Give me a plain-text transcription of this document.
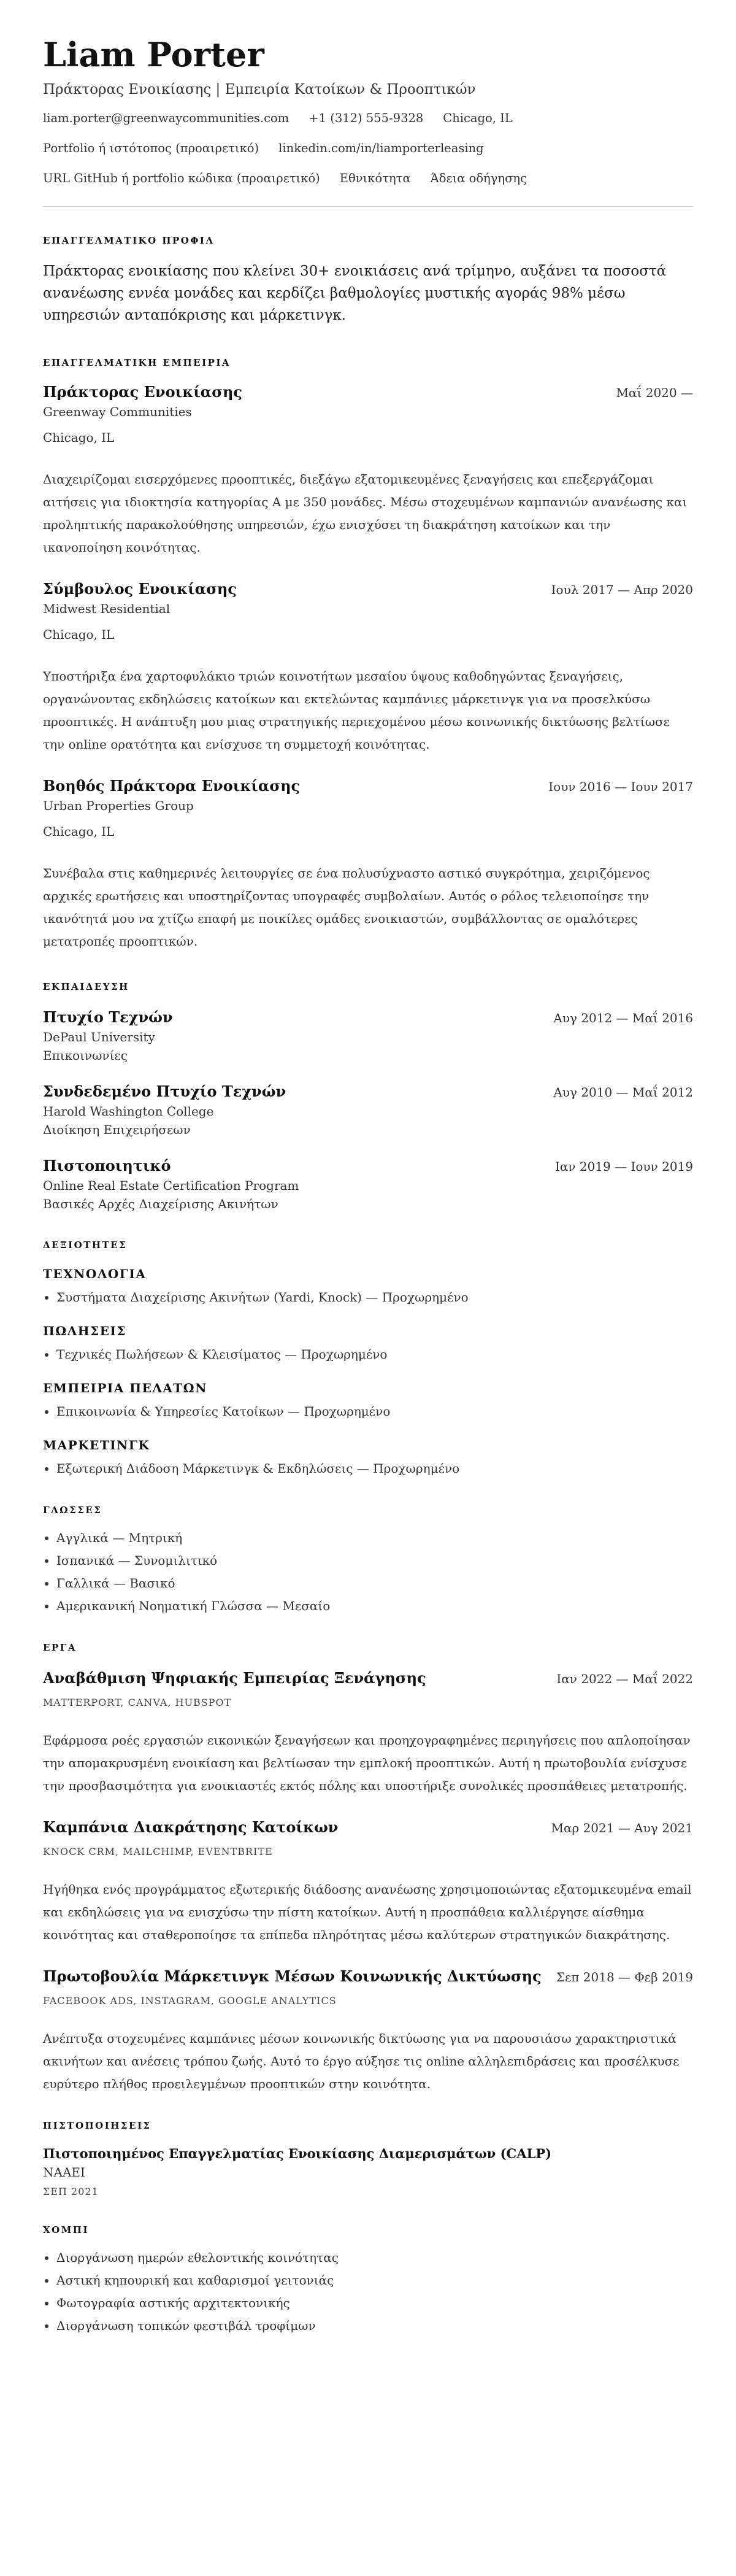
Liam Porter
Πράκτορας Ενοικίασης | Εμπειρία Κατοίκων & Προοπτικών
liam.porter@greenwaycommunities.com +1 (312) 555-9328 Chicago, IL
Portfolio ή ιστότοπος (προαιρετικό) linkedin.com/in/liamporterleasing
URL GitHub ή portfolio κώδικα (προαιρετικό) Εθνικότητα Άδεια οδήγησης
ΕΠΑΓΓΕΛΜΑΤΙΚΟ ΠΡΟΦΙΛ
Πράκτορας ενοικίασης που κλείνει 30+ ενοικιάσεις ανά τρίμηνο, αυξάνει τα ποσοστά ανανέωσης εννέα μονάδες και κερδίζει βαθμολογίες μυστικής αγοράς 98% μέσω υπηρεσιών ανταπόκρισης και μάρκετινγκ.
ΕΠΑΓΓΕΛΜΑΤΙΚΗ ΕΜΠΕΙΡΙΑ
Πράκτορας Ενοικίασης	Μαΐ 2020 —
Greenway Communities
Chicago, IL
Διαχειρίζομαι εισερχόμενες προοπτικές, διεξάγω εξατομικευμένες ξεναγήσεις και επεξεργάζομαι αιτήσεις για ιδιοκτησία κατηγορίας Α με 350 μονάδες. Μέσω στοχευμένων καμπανιών ανανέωσης και προληπτικής παρακολούθησης υπηρεσιών, έχω ενισχύσει τη διακράτηση κατοίκων και την ικανοποίηση κοινότητας.
Σύμβουλος Ενοικίασης	Ιουλ 2017 — Απρ 2020
Midwest Residential
Chicago, IL
Υποστήριξα ένα χαρτοφυλάκιο τριών κοινοτήτων μεσαίου ύψους καθοδηγώντας ξεναγήσεις, οργανώνοντας εκδηλώσεις κατοίκων και εκτελώντας καμπάνιες μάρκετινγκ για να προσελκύσω προοπτικές. Η ανάπτυξη μου μιας στρατηγικής περιεχομένου μέσω κοινωνικής δικτύωσης βελτίωσε την online ορατότητα και ενίσχυσε τη συμμετοχή κοινότητας.
Βοηθός Πράκτορα Ενοικίασης	Ιουν 2016 — Ιουν 2017
Urban Properties Group
Chicago, IL
Συνέβαλα στις καθημερινές λειτουργίες σε ένα πολυσύχναστο αστικό συγκρότημα, χειριζόμενος αρχικές ερωτήσεις και υποστηρίζοντας υπογραφές συμβολαίων. Αυτός ο ρόλος τελειοποίησε την ικανότητά μου να χτίζω επαφή με ποικίλες ομάδες ενοικιαστών, συμβάλλοντας σε ομαλότερες μετατροπές προοπτικών.
ΕΚΠΑΙΔΕΥΣΗ
Πτυχίο Τεχνών	Αυγ 2012 — Μαΐ 2016
DePaul University
Επικοινωνίες
Συνδεδεμένο Πτυχίο Τεχνών	Αυγ 2010 — Μαΐ 2012
Harold Washington College
Διοίκηση Επιχειρήσεων
Πιστοποιητικό	Ιαν 2019 — Ιουν 2019
Online Real Estate Certification Program
Βασικές Αρχές Διαχείρισης Ακινήτων
ΔΕΞΙΟΤΗΤΕΣ
ΤΕΧΝΟΛΟΓΙΑ
• Συστήματα Διαχείρισης Ακινήτων (Yardi, Knock) — Προχωρημένο
ΠΩΛΗΣΕΙΣ
• Τεχνικές Πωλήσεων & Κλεισίματος — Προχωρημένο
ΕΜΠΕΙΡΙΑ ΠΕΛΑΤΩΝ
• Επικοινωνία & Υπηρεσίες Κατοίκων — Προχωρημένο
ΜΑΡΚΕΤΙΝΓΚ
• Εξωτερική Διάδοση Μάρκετινγκ & Εκδηλώσεις — Προχωρημένο
ΓΛΩΣΣΕΣ
• Αγγλικά — Μητρική
• Ισπανικά — Συνομιλιτικό
• Γαλλικά — Βασικό
• Αμερικανική Νοηματική Γλώσσα — Μεσαίο
ΕΡΓΑ
Αναβάθμιση Ψηφιακής Εμπειρίας Ξενάγησης	Ιαν 2022 — Μαΐ 2022
MATTERPORT, CANVA, HUBSPOT
Εφάρμοσα ροές εργασιών εικονικών ξεναγήσεων και προηχογραφημένες περιηγήσεις που απλοποίησαν την απομακρυσμένη ενοικίαση και βελτίωσαν την εμπλοκή προοπτικών. Αυτή η πρωτοβουλία ενίσχυσε την προσβασιμότητα για ενοικιαστές εκτός πόλης και υποστήριξε συνολικές προσπάθειες μετατροπής.
Καμπάνια Διακράτησης Κατοίκων	Μαρ 2021 — Αυγ 2021
KNOCK CRM, MAILCHIMP, EVENTBRITE
Ηγήθηκα ενός προγράμματος εξωτερικής διάδοσης ανανέωσης χρησιμοποιώντας εξατομικευμένα email και εκδηλώσεις για να ενισχύσω την πίστη κατοίκων. Αυτή η προσπάθεια καλλιέργησε αίσθημα κοινότητας και σταθεροποίησε τα επίπεδα πληρότητας μέσω καλύτερων στρατηγικών διακράτησης.
Πρωτοβουλία Μάρκετινγκ Μέσων Κοινωνικής Δικτύωσης Σεπ 2018 — Φεβ 2019
FACEBOOK ADS, INSTAGRAM, GOOGLE ANALYTICS
Ανέπτυξα στοχευμένες καμπάνιες μέσων κοινωνικής δικτύωσης για να παρουσιάσω χαρακτηριστικά ακινήτων και ανέσεις τρόπου ζωής. Αυτό το έργο αύξησε τις online αλληλεπιδράσεις και προσέλκυσε ευρύτερο πλήθος προειλεγμένων προοπτικών στην κοινότητα.
ΠΙΣΤΟΠΟΙΗΣΕΙΣ
Πιστοποιημένος Επαγγελματίας Ενοικίασης Διαμερισμάτων (CALP)
NAAEI
ΣΕΠ 2021
ΧΟΜΠΙ
• Διοργάνωση ημερών εθελοντικής κοινότητας
• Αστική κηπουρική και καθαρισμοί γειτονιάς
• Φωτογραφία αστικής αρχιτεκτονικής
• Διοργάνωση τοπικών φεστιβάλ τροφίμων
